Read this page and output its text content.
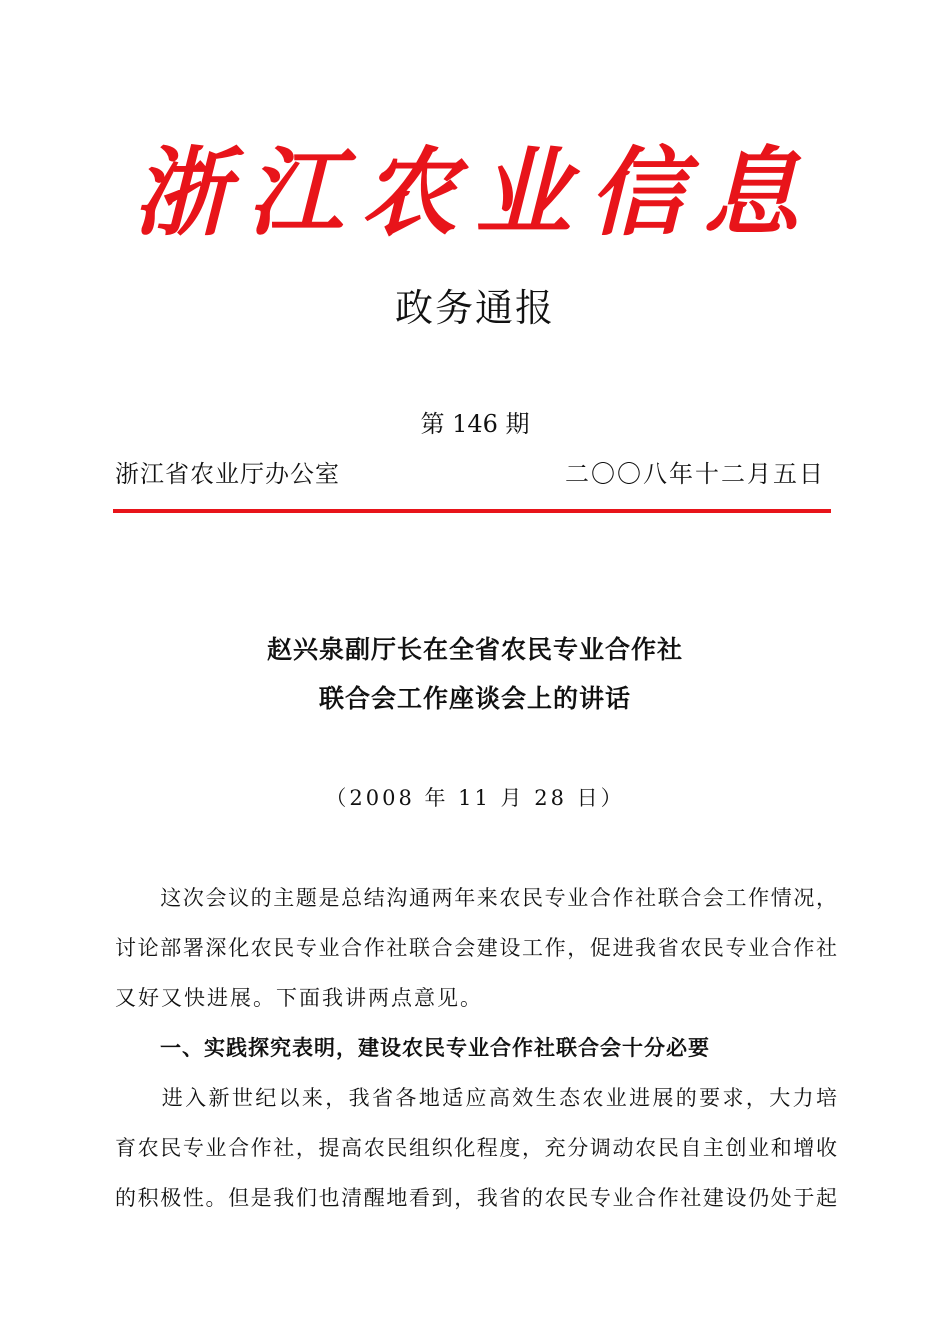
浙江农业信息
政务通报
第 146 期
浙江省农业厅办公室	二〇〇八年十二月五日
赵兴泉副厅长在全省农民专业合作社
联合会工作座谈会上的讲话
（2008 年 11 月 28 日）
　　这次会议的主题是总结沟通两年来农民专业合作社联合会工作情况，
讨论部署深化农民专业合作社联合会建设工作，促进我省农民专业合作社
又好又快进展。下面我讲两点意见。
一、实践探究表明，建设农民专业合作社联合会十分必要
　　进入新世纪以来，我省各地适应高效生态农业进展的要求，大力培
育农民专业合作社，提高农民组织化程度，充分调动农民自主创业和增收
的积极性。但是我们也清醒地看到，我省的农民专业合作社建设仍处于起
